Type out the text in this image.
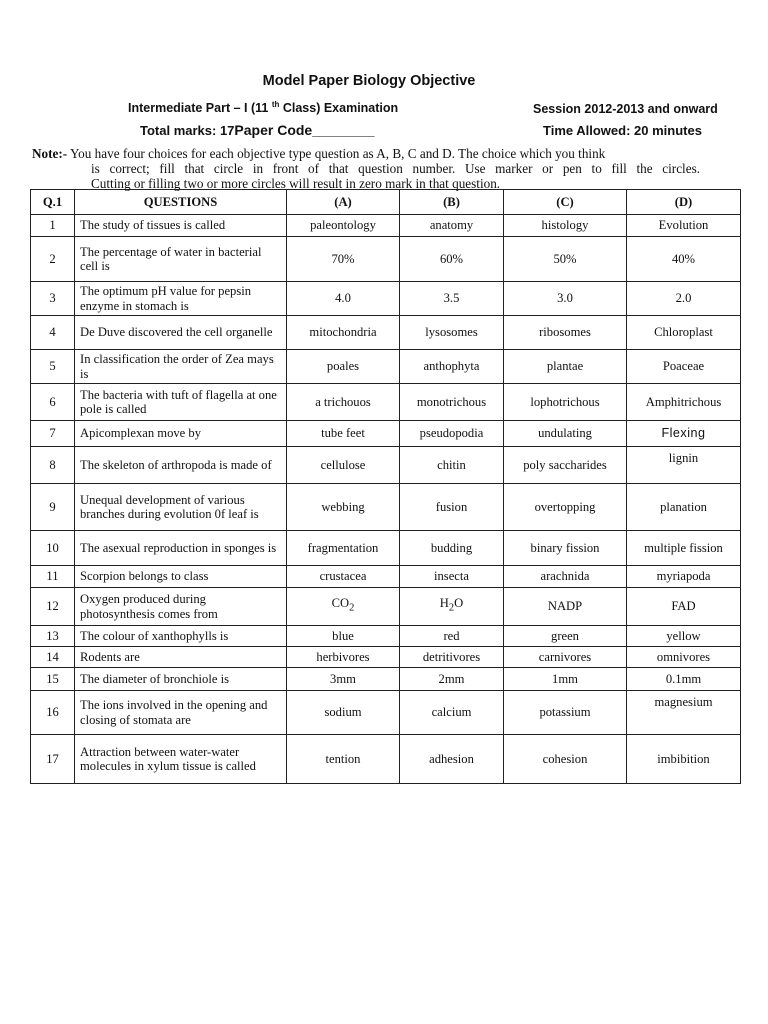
Model Paper Biology Objective
Intermediate Part – I (11 $^{th}$ Class) Examination	Session 2012-2013 and onward
Total marks: 17Paper Code________	Time Allowed: 20 minutes
Note:- You have four choices for each objective type question as A, B, C and D. The choice which you think
is correct; fill that circle in front of that question number. Use marker or pen to fill the circles.
Cutting or filling two or more circles will result in zero mark in that question.
Q.1	QUESTIONS	(A)	(B)	(C)	(D)
1	The study of tissues is called	paleontology	anatomy	histology	Evolution
2	The percentage of water in bacterial cell is	70%	60%	50%	40%
3	The optimum pH value for pepsin enzyme in stomach is	4.0	3.5	3.0	2.0
4	De Duve discovered the cell organelle	mitochondria	lysosomes	ribosomes	Chloroplast
5	In classification the order of Zea mays is	poales	anthophyta	plantae	Poaceae
6	The bacteria with tuft of flagella at one pole is called	a trichouos	monotrichous	lophotrichous	Amphitrichous
7	Apicomplexan move by	tube feet	pseudopodia	undulating	Flexing
8	The skeleton of arthropoda is made of	cellulose	chitin	poly saccharides	lignin
9	Unequal development of various branches during evolution 0f leaf is	webbing	fusion	overtopping	planation
10	The asexual reproduction in sponges is	fragmentation	budding	binary fission	multiple fission
11	Scorpion belongs to class	crustacea	insecta	arachnida	myriapoda
12	Oxygen produced during photosynthesis comes from	$CO_2$	$H_2O$	NADP	FAD
13	The colour of xanthophylls is	blue	red	green	yellow
14	Rodents are	herbivores	detritivores	carnivores	omnivores
15	The diameter of bronchiole is	3mm	2mm	1mm	0.1mm
16	The ions involved in the opening and closing of stomata are	sodium	calcium	potassium	magnesium
17	Attraction between water-water molecules in xylum tissue is called	tention	adhesion	cohesion	imbibition
